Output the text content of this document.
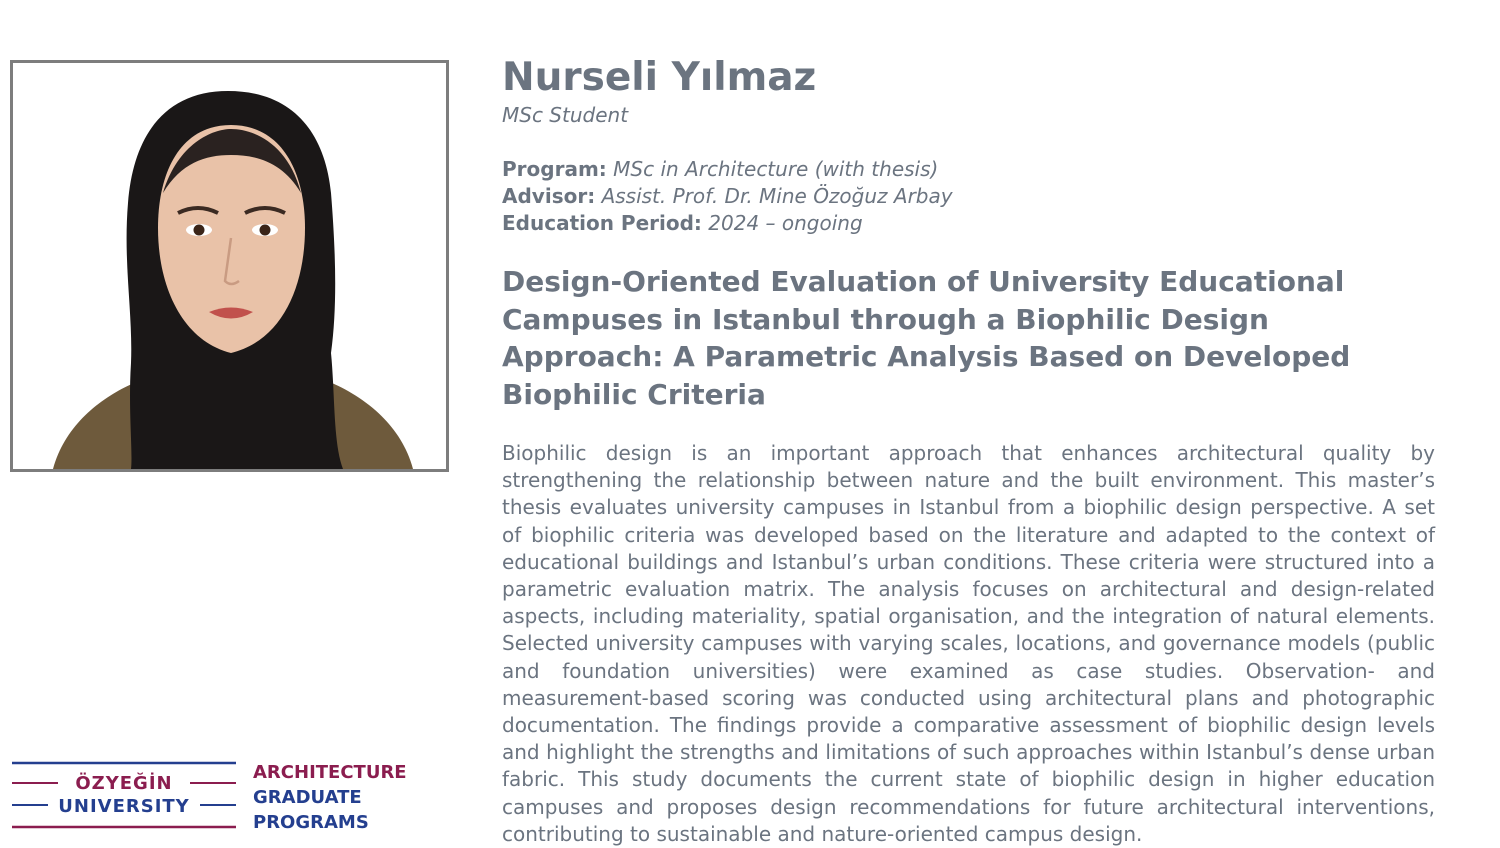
Nurseli Yılmaz

MSc Student

Program: MSc in Architecture (with thesis)

Advisor: Assist. Prof. Dr. Mine Özoğuz Arbay

Education Period: 2024 – ongoing

Design-Oriented Evaluation of University Educational Campuses in Istanbul through a Biophilic Design Approach: A Parametric Analysis Based on Developed Biophilic Criteria

Biophilic design is an important approach that enhances architectural quality by strengthening the relationship between nature and the built environment. This master’s thesis evaluates university campuses in Istanbul from a biophilic design perspective. A set of biophilic criteria was developed based on the literature and adapted to the context of educational buildings and Istanbul’s urban conditions. These criteria were structured into a parametric evaluation matrix. The analysis focuses on architectural and design-related aspects, including materiality, spatial organisation, and the integration of natural elements. Selected university campuses with varying scales, locations, and governance models (public and foundation universities) were examined as case studies. Observation- and measurement-based scoring was conducted using architectural plans and photographic documentation. The findings provide a comparative assessment of biophilic design levels and highlight the strengths and limitations of such approaches within Istanbul’s dense urban fabric. This study documents the current state of biophilic design in higher education campuses and proposes design recommendations for future architectural interventions, contributing to sustainable and nature-oriented campus design.

ÖZYEĞİN
UNIVERSITY
ARCHITECTURE
GRADUATE
PROGRAMS
